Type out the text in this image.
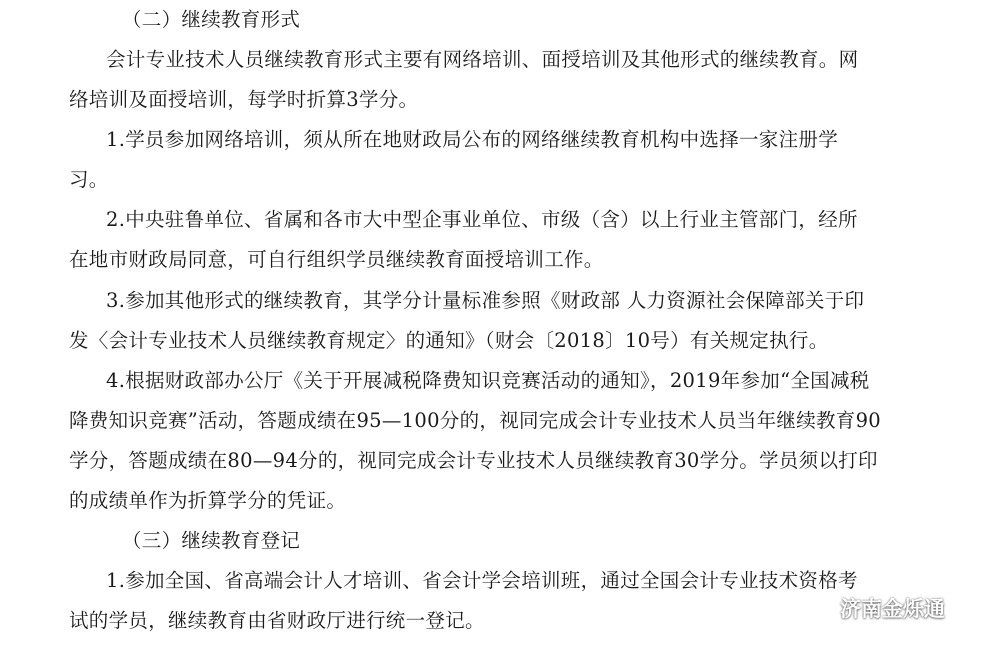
（二）继续教育形式
会计专业技术人员继续教育形式主要有网络培训、面授培训及其他形式的继续教育。网
络培训及面授培训，每学时折算3学分。
1.学员参加网络培训，须从所在地财政局公布的网络继续教育机构中选择一家注册学
习。
2.中央驻鲁单位、省属和各市大中型企事业单位、市级（含）以上行业主管部门，经所
在地市财政局同意，可自行组织学员继续教育面授培训工作。
3.参加其他形式的继续教育，其学分计量标准参照《财政部 人力资源社会保障部关于印
发〈会计专业技术人员继续教育规定〉的通知》（财会〔2018〕10号）有关规定执行。
4.根据财政部办公厅《关于开展减税降费知识竞赛活动的通知》，2019年参加“全国减税
降费知识竞赛”活动，答题成绩在95—100分的，视同完成会计专业技术人员当年继续教育90
学分，答题成绩在80—94分的，视同完成会计专业技术人员继续教育30学分。学员须以打印
的成绩单作为折算学分的凭证。
（三）继续教育登记
1.参加全国、省高端会计人才培训、省会计学会培训班，通过全国会计专业技术资格考
试的学员，继续教育由省财政厅进行统一登记。	济南金烁通
